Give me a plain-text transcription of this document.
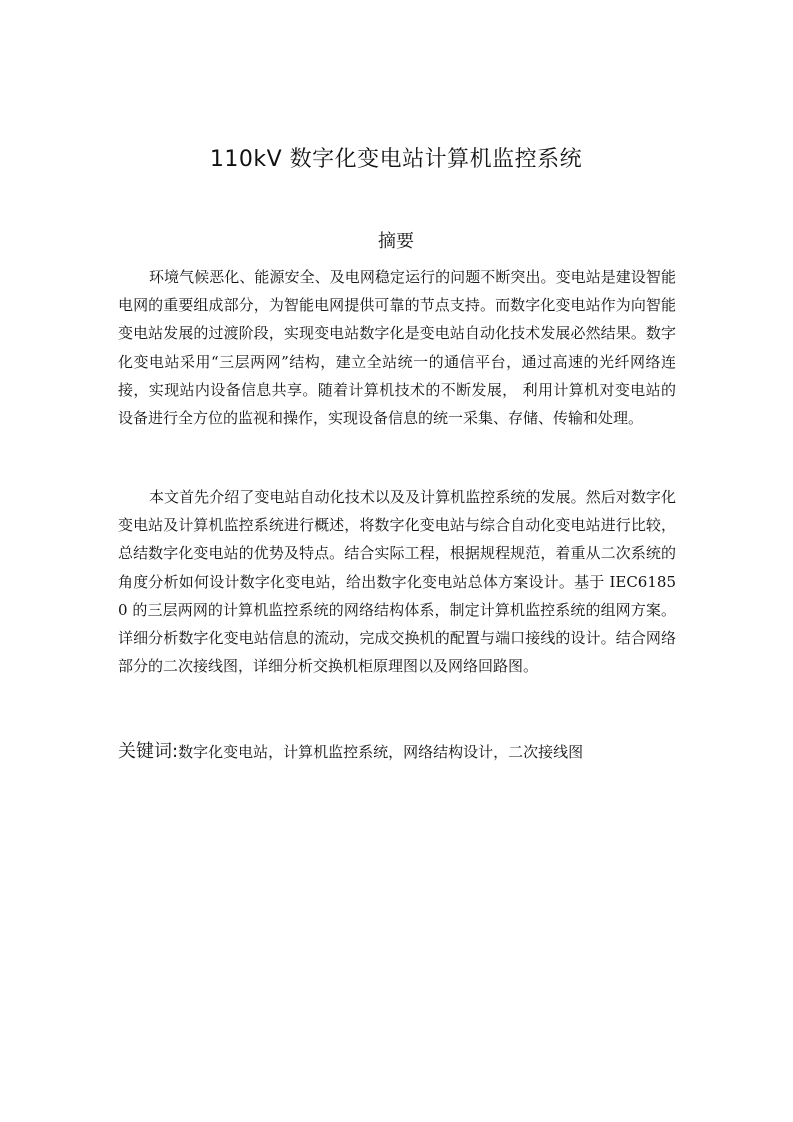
110kV 数字化变电站计算机监控系统
摘要

环境气候恶化、能源安全、及电网稳定运行的问题不断突出。变电站是建设智能电网的重要组成部分，为智能电网提供可靠的节点支持。而数字化变电站作为向智能变电站发展的过渡阶段，实现变电站数字化是变电站自动化技术发展必然结果。数字化变电站采用“三层两网”结构，建立全站统一的通信平台，通过高速的光纤网络连接，实现站内设备信息共享。随着计算机技术的不断发展， 利用计算机对变电站的设备进行全方位的监视和操作，实现设备信息的统一采集、存储、传输和处理。

本文首先介绍了变电站自动化技术以及及计算机监控系统的发展。然后对数字化变电站及计算机监控系统进行概述，将数字化变电站与综合自动化变电站进行比较，总结数字化变电站的优势及特点。结合实际工程，根据规程规范，着重从二次系统的角度分析如何设计数字化变电站，给出数字化变电站总体方案设计。基于 IEC61850 的三层两网的计算机监控系统的网络结构体系，制定计算机监控系统的组网方案。详细分析数字化变电站信息的流动，完成交换机的配置与端口接线的设计。结合网络部分的二次接线图，详细分析交换机柜原理图以及网络回路图。

关键词:数字化变电站，计算机监控系统，网络结构设计，二次接线图
